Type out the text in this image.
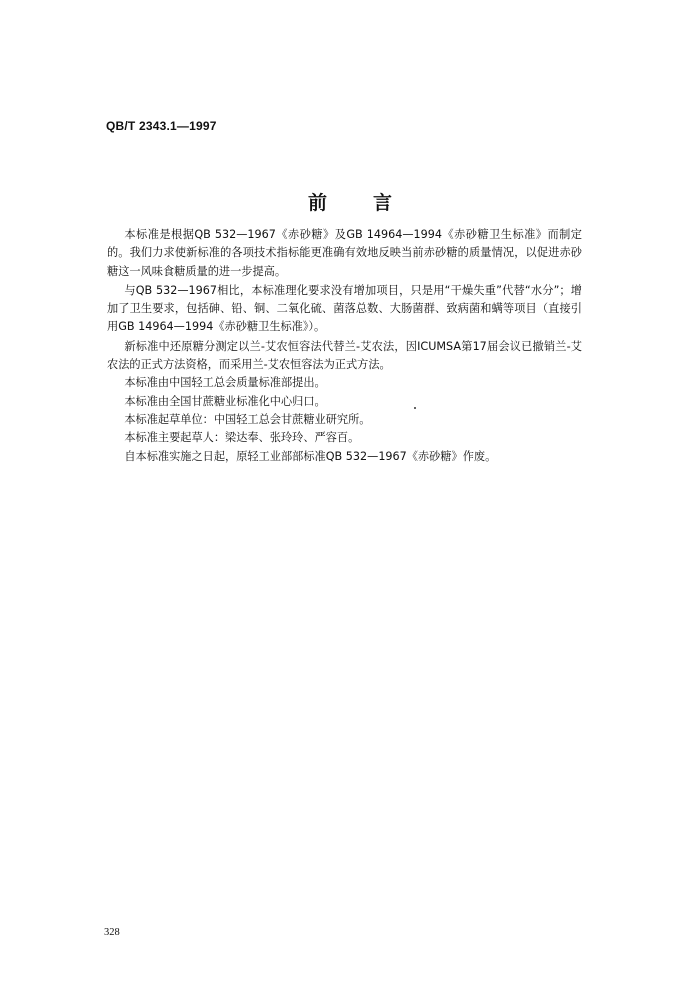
QB/T 2343.1—1997
前言

本标准是根据QB 532—1967《赤砂糖》及GB 14964—1994《赤砂糖卫生标准》而制定的。我们力求使新标准的各项技术指标能更准确有效地反映当前赤砂糖的质量情况，以促进赤砂糖这一风味食糖质量的进一步提高。

与QB 532—1967相比，本标准理化要求没有增加项目，只是用“干燥失重”代替“水分”；增加了卫生要求，包括砷、铅、铜、二氧化硫、菌落总数、大肠菌群、致病菌和螨等项目（直接引用GB 14964—1994《赤砂糖卫生标准》）。

新标准中还原糖分测定以兰-艾农恒容法代替兰-艾农法，因ICUMSA第17届会议已撤销兰-艾农法的正式方法资格，而采用兰-艾农恒容法为正式方法。

本标准由中国轻工总会质量标准部提出。

本标准由全国甘蔗糖业标准化中心归口。

本标准起草单位：中国轻工总会甘蔗糖业研究所。

本标准主要起草人：梁达奉、张玲玲、严容百。

自本标准实施之日起，原轻工业部部标准QB 532—1967《赤砂糖》作废。

328
